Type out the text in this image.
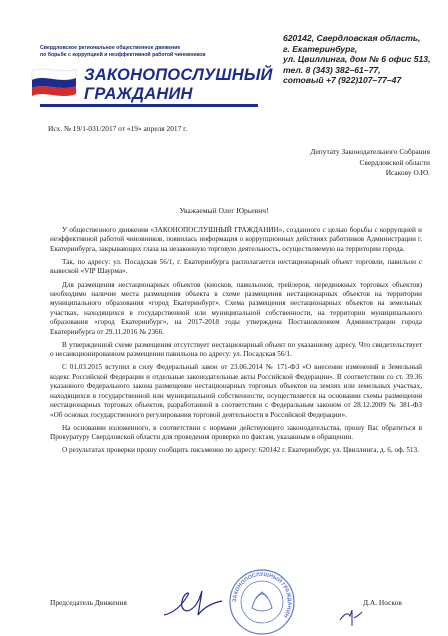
Свердловское региональное общественное движение
по борьбе с коррупцией и неэффективной работой чиновников
ЗАКОНОПОСЛУШНЫЙ
ГРАЖДАНИН
620142, Свердловская область,
г. Екатеринбург,
ул. Цвиллинга, дом № 6 офис 513,
тел. 8 (343) 382–61–77,
сотовый +7 (922)107–77–47
Исх. № 19/1-031/2017 от «19» апреля 2017 г.
Депутату Законодательного Собрания
Свердловской области
Исакову О.Ю.
Уважаемый Олег Юрьевич!

У общественного движения «ЗАКОНОПОСЛУШНЫЙ ГРАЖДАНИН», созданного с целью борьбы с коррупцией и неэффективной работой чиновников, появилась информация о коррупционных действиях работников Администрации г. Екатеринбурга, закрывающих глаза на незаконную торговую деятельность, осуществляемую на территории города.

Так, по адресу: ул. Посадская 56/1, г. Екатеринбурга располагается нестационарный объект торговли, павильон с вывеской «VIP Шаурма».

Для размещения нестационарных объектов (киосков, павильонов, трейлеров, передвижных торговых объектов) необходимо наличие места размещения объекта в схеме размещения нестационарных объектов на территории муниципального образования «город Екатеринбург». Схема размещения нестационарных объектов на земельных участках, находящихся в государственной или муниципальной собственности, на территории муниципального образования «город Екатеринбург», на 2017-2018 годы утверждена Постановлением Администрации города Екатеринбурга от 29.11.2016 № 2366.

В утвержденной схеме размещения отсутствует нестационарный объект по указанному адресу. Что свидетельствует о несанкционированном размещении павильона по адресу: ул. Посадская 56/1.

С 01.03.2015 вступил в силу Федеральный закон от 23.06.2014 № 171-ФЗ «О внесении изменений в Земельный кодекс Российской Федерации и отдельные законодательные акты Российской Федерации». В соответствии со ст. 39.36 указанного Федерального закона размещение нестационарных торговых объектов на землях или земельных участках, находящихся в государственной или муниципальной собственности, осуществляется на основании схемы размещения нестационарных торговых объектов, разработанной в соответствии с Федеральным законом от 28.12.2009 № 381-ФЗ «Об основах государственного регулирования торговой деятельности в Российской Федерации».

На основании изложенного, в соответствии с нормами действующего законодательства, прошу Вас обратиться в Прокуратуру Свердловской области для проведения проверки по фактам, указанным в обращении.

О результатах проверки прошу сообщить письменно по адресу: 620142 г. Екатеринбург, ул. Цвиллинга, д. 6, оф. 513.

ЗАКОНОПОСЛУШНЫЙ ГРАЖДАНИН
Председатель Движения	Д.А. Носков
